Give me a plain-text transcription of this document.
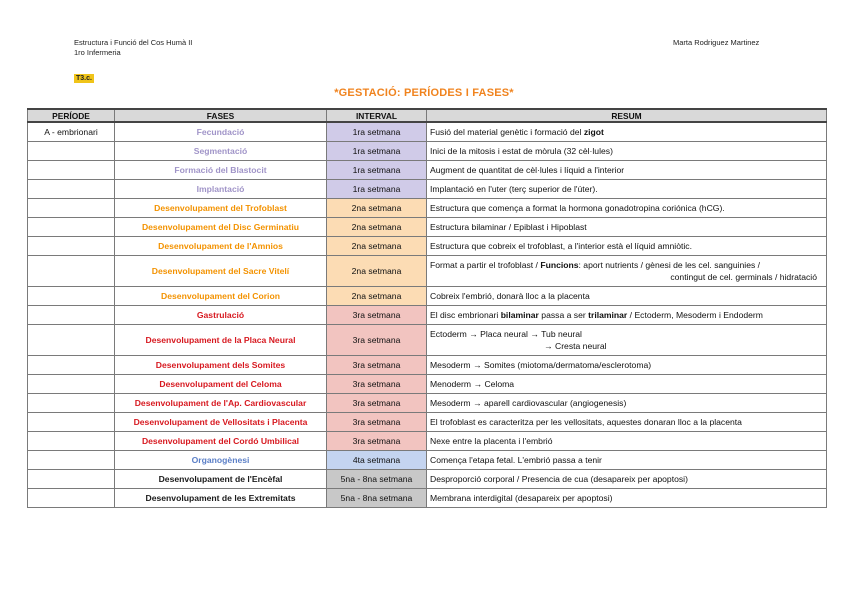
Estructura i Funció del Cos Humà II
1ro Infermeria
Marta Rodriguez Martinez
T3.c.
*GESTACIÓ: PERÍODES I FASES*
PERÍODE	FASES	INTERVAL	RESUM
A - embrionari	Fecundació	1ra setmana	Fusió del material genètic i formació del zigot
	Segmentació	1ra setmana	Inici de la mitosis i estat de mòrula (32 cèl·lules)
	Formació del Blastocit	1ra setmana	Augment de quantitat de cèl·lules i líquid a l'interior
	Implantació	1ra setmana	Implantació en l'uter (terç superior de l'úter).
	Desenvolupament del Trofoblast	2na setmana	Estructura que comença a format la hormona gonadotropina coriónica (hCG).
	Desenvolupament del Disc Germinatiu	2na setmana	Estructura bilaminar / Epiblast i Hipoblast
	Desenvolupament de l'Amnios	2na setmana	Estructura que cobreix el trofoblast, a l'interior està el líquid amniòtic.
	Desenvolupament del Sacre Vitelí	2na setmana	Format a partir el trofoblast / Funcions: aport nutrients / gènesi de les cel. sanguinies /
contingut de cel. germinals / hidratació

	Desenvolupament del Corion	2na setmana	Cobreix l'embrió, donarà lloc a la placenta
	Gastrulació	3ra setmana	El disc embrionari bilaminar passa a ser trilaminar / Ectoderm, Mesoderm i Endoderm
	Desenvolupament de la Placa Neural	3ra setmana	Ectoderm → Placa neural → Tub neural
→ Cresta neural

	Desenvolupament dels Somites	3ra setmana	Mesoderm → Somites (miotoma/dermatoma/esclerotoma)
	Desenvolupament del Celoma	3ra setmana	Menoderm → Celoma
	Desenvolupament de l'Ap. Cardiovascular	3ra setmana	Mesoderm → aparell cardiovascular (angiogenesis)
	Desenvolupament de Vellositats i Placenta	3ra setmana	El trofoblast es caracteritza per les vellositats, aquestes donaran lloc a la placenta
	Desenvolupament del Cordó Umbilical	3ra setmana	Nexe entre la placenta i l'embrió
	Organogènesi	4ta setmana	Comença l'etapa fetal. L'embrió passa a tenir
	Desenvolupament de l'Encèfal	5na - 8na setmana	Desproporció corporal / Presencia de cua (desapareix per apoptosi)
	Desenvolupament de les Extremitats	5na - 8na setmana	Membrana interdigital (desapareix per apoptosi)
